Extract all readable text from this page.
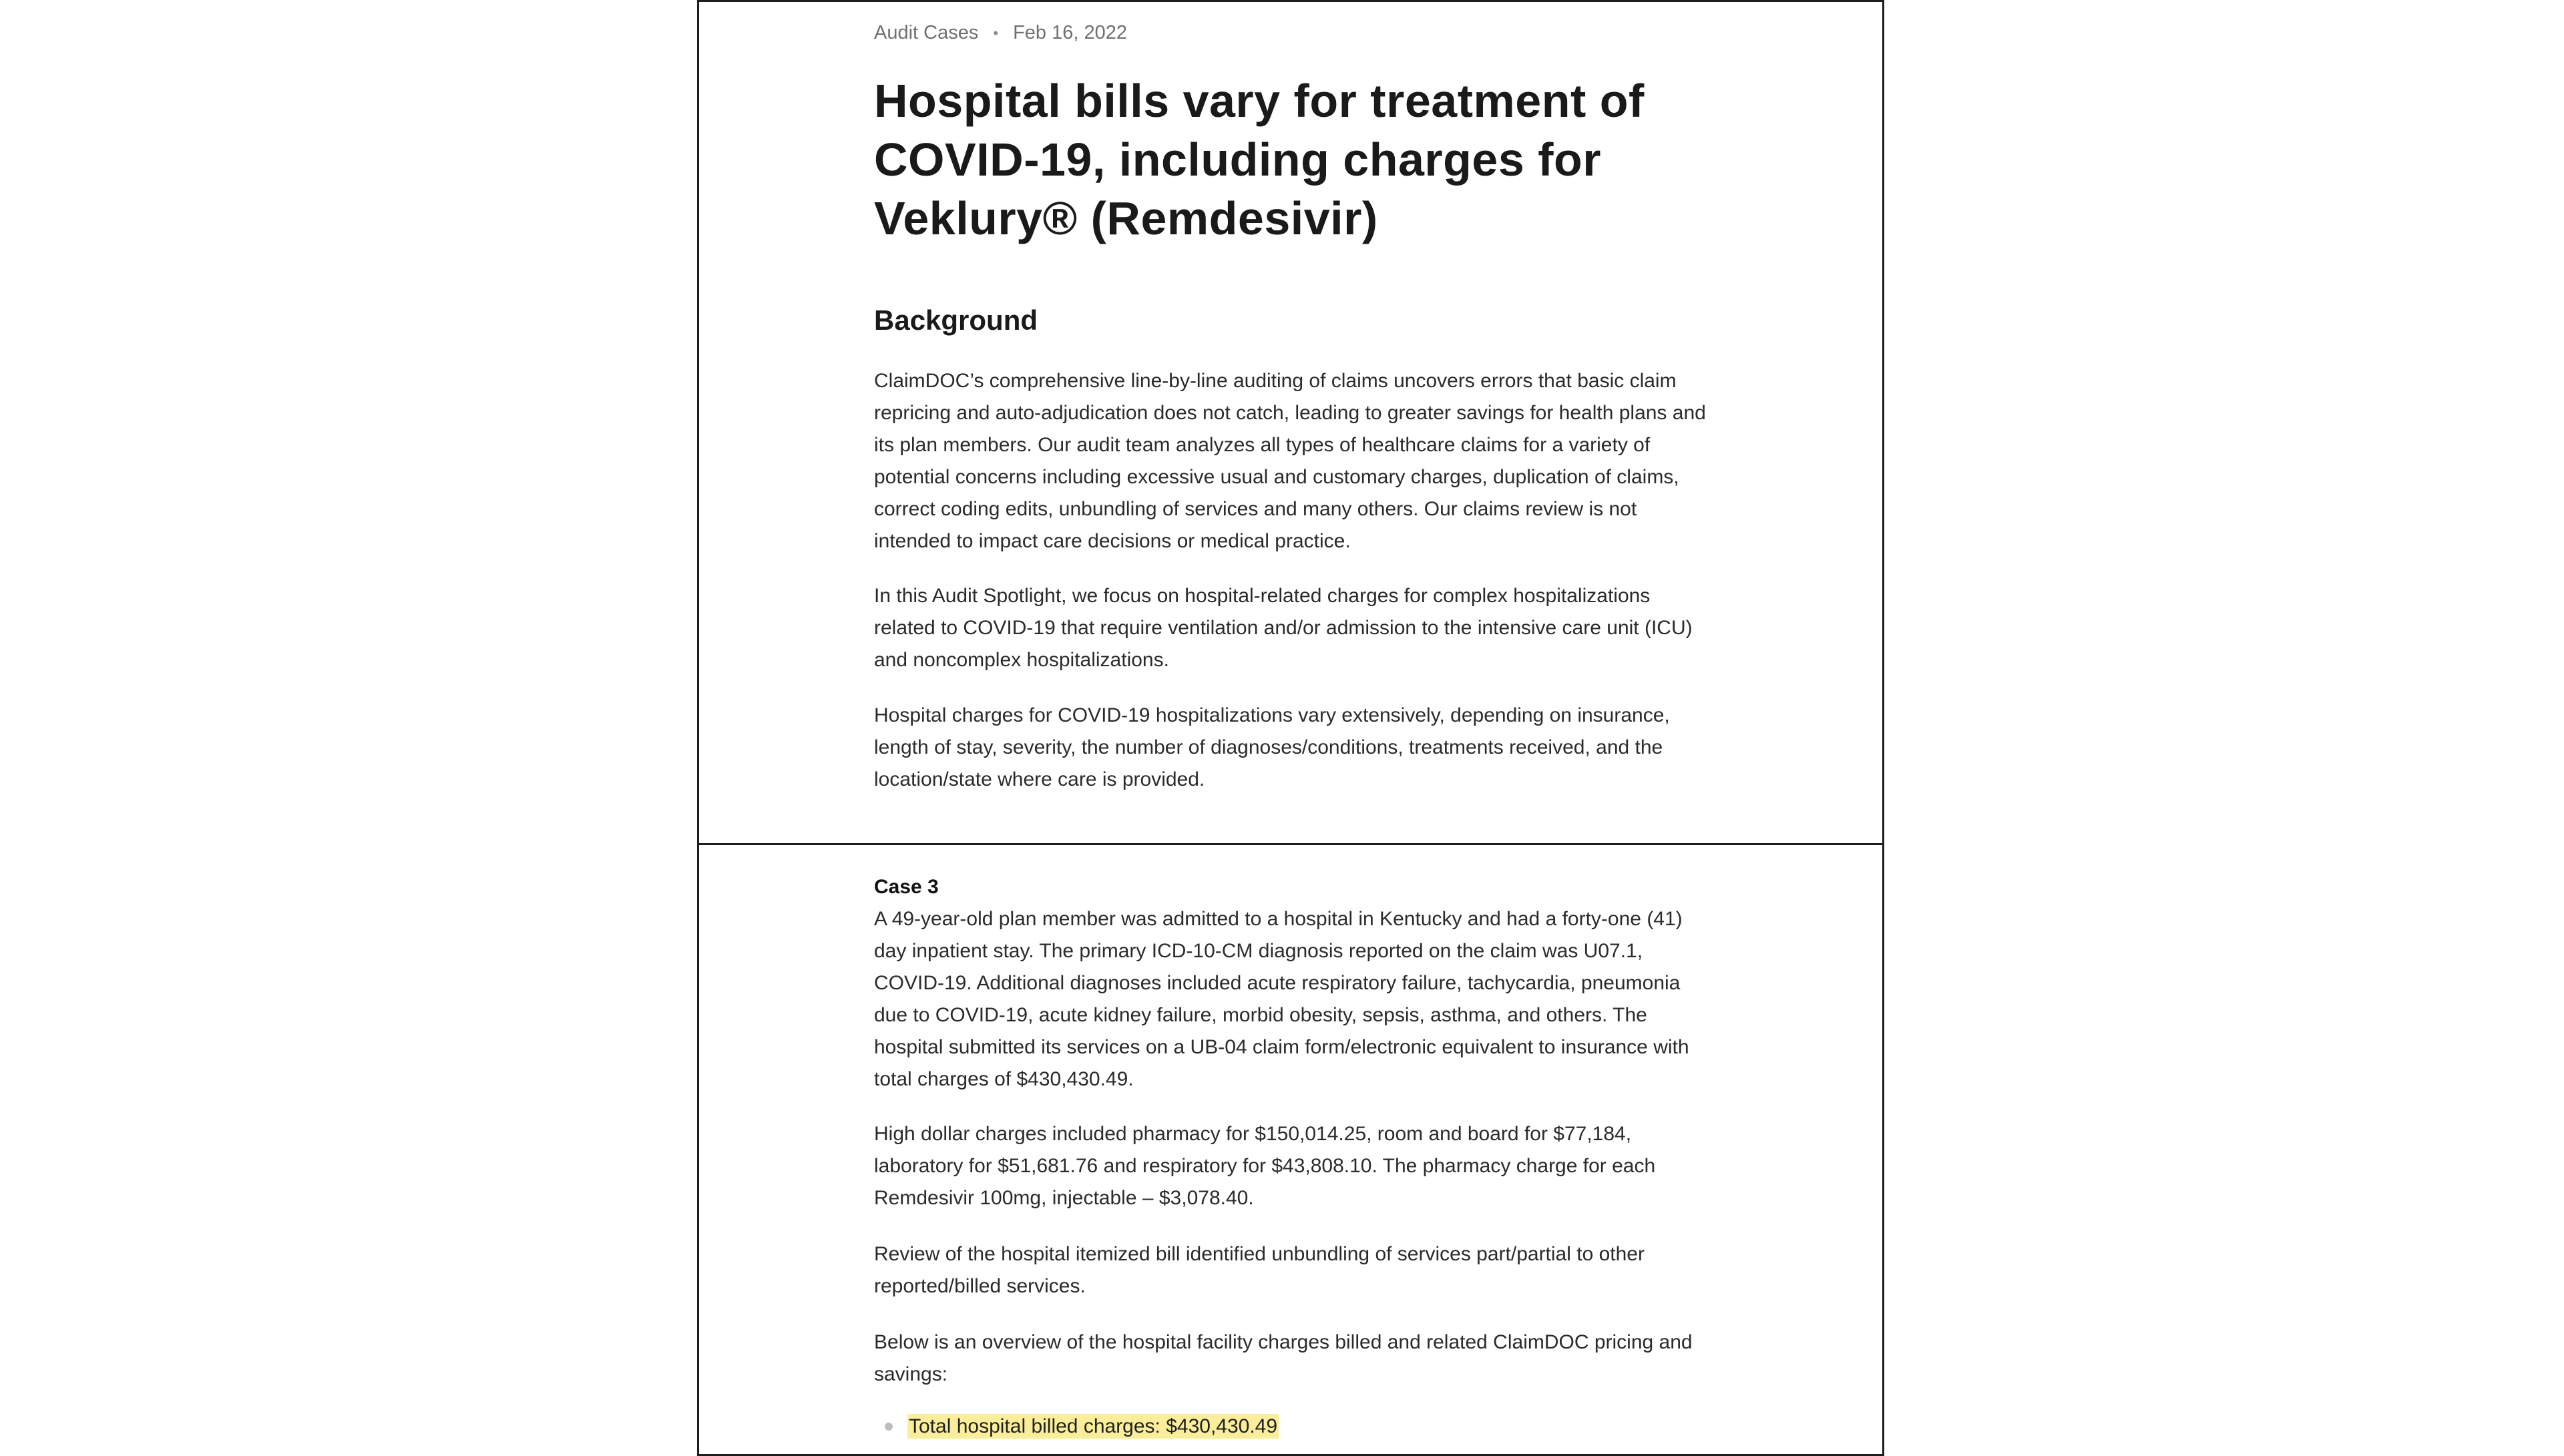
Audit Cases • Feb 16, 2022
Hospital bills vary for treatment of COVID-19, including charges for Veklury® (Remdesivir)
Background

ClaimDOC’s comprehensive line-by-line auditing of claims uncovers errors that basic claim repricing and auto-adjudication does not catch, leading to greater savings for health plans and its plan members. Our audit team analyzes all types of healthcare claims for a variety of potential concerns including excessive usual and customary charges, duplication of claims, correct coding edits, unbundling of services and many others. Our claims review is not intended to impact care decisions or medical practice.

In this Audit Spotlight, we focus on hospital-related charges for complex hospitalizations related to COVID-19 that require ventilation and/or admission to the intensive care unit (ICU) and noncomplex hospitalizations.

Hospital charges for COVID-19 hospitalizations vary extensively, depending on insurance, length of stay, severity, the number of diagnoses/conditions, treatments received, and the location/state where care is provided.

Case 3

A 49-year-old plan member was admitted to a hospital in Kentucky and had a forty-one (41) day inpatient stay. The primary ICD-10-CM diagnosis reported on the claim was U07.1, COVID-19. Additional diagnoses included acute respiratory failure, tachycardia, pneumonia due to COVID-19, acute kidney failure, morbid obesity, sepsis, asthma, and others. The hospital submitted its services on a UB-04 claim form/electronic equivalent to insurance with total charges of $430,430.49.

High dollar charges included pharmacy for $150,014.25, room and board for $77,184, laboratory for $51,681.76 and respiratory for $43,808.10. The pharmacy charge for each Remdesivir 100mg, injectable – $3,078.40.

Review of the hospital itemized bill identified unbundling of services part/partial to other reported/billed services.

Below is an overview of the hospital facility charges billed and related ClaimDOC pricing and savings:

Total hospital billed charges: $430,430.49
